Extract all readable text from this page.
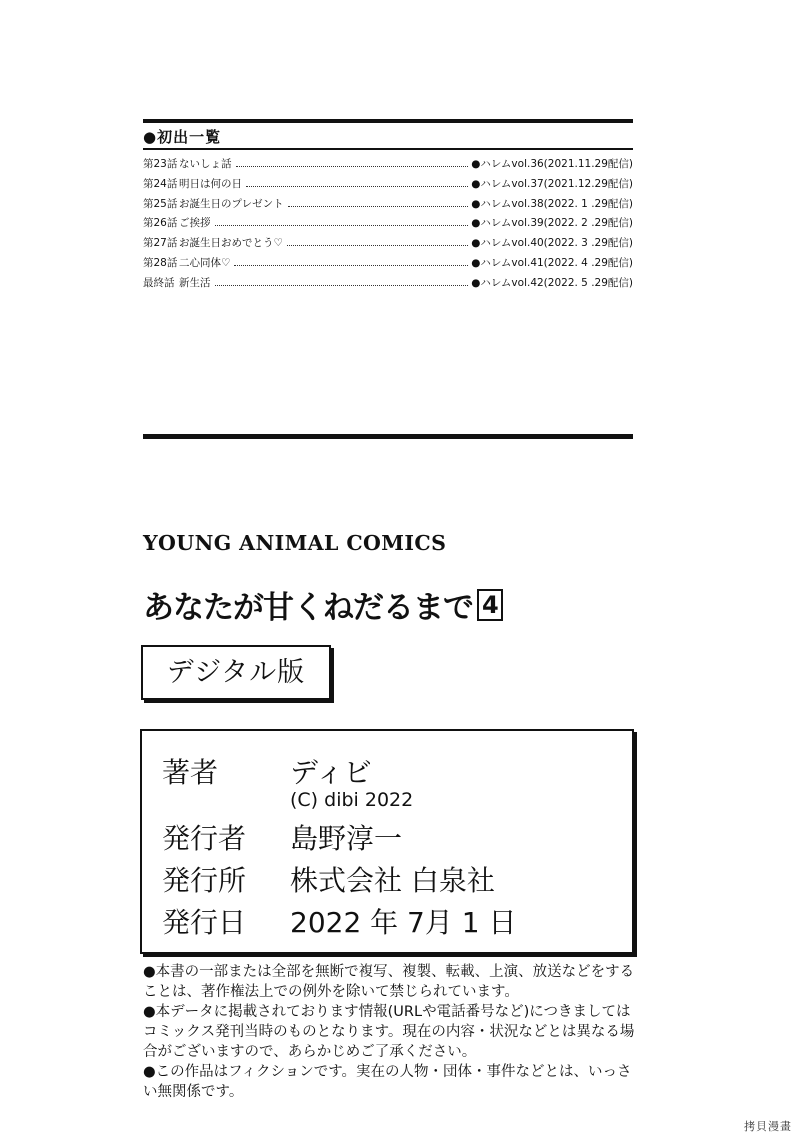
●初出一覧
第23話 ないしょ話	●ハレムvol.36(2021.11.29配信)
第24話 明日は何の日	●ハレムvol.37(2021.12.29配信)
第25話 お誕生日のプレゼント	●ハレムvol.38(2022. 1 .29配信)
第26話 ご挨拶	●ハレムvol.39(2022. 2 .29配信)
第27話 お誕生日おめでとう♡	●ハレムvol.40(2022. 3 .29配信)
第28話 二心同体♡	●ハレムvol.41(2022. 4 .29配信)
最終話 新生活	●ハレムvol.42(2022. 5 .29配信)
YOUNG ANIMAL COMICS
あなたが甘くねだるまで 4
デジタル版
著者	ディビ
(C) dibi 2022
発行者 島野淳一
発行所 株式会社 白泉社
発行日 2022 年 7月 1 日

●本書の一部または全部を無断で複写、複製、転載、上演、放送などをすることは、著作権法上での例外を除いて禁じられています。

●本データに掲載されております情報(URLや電話番号など)につきましてはコミックス発刊当時のものとなります。現在の内容・状況などとは異なる場合がございますので、あらかじめご了承ください。

●この作品はフィクションです。実在の人物・団体・事件などとは、いっさい無関係です。

拷貝漫畫
